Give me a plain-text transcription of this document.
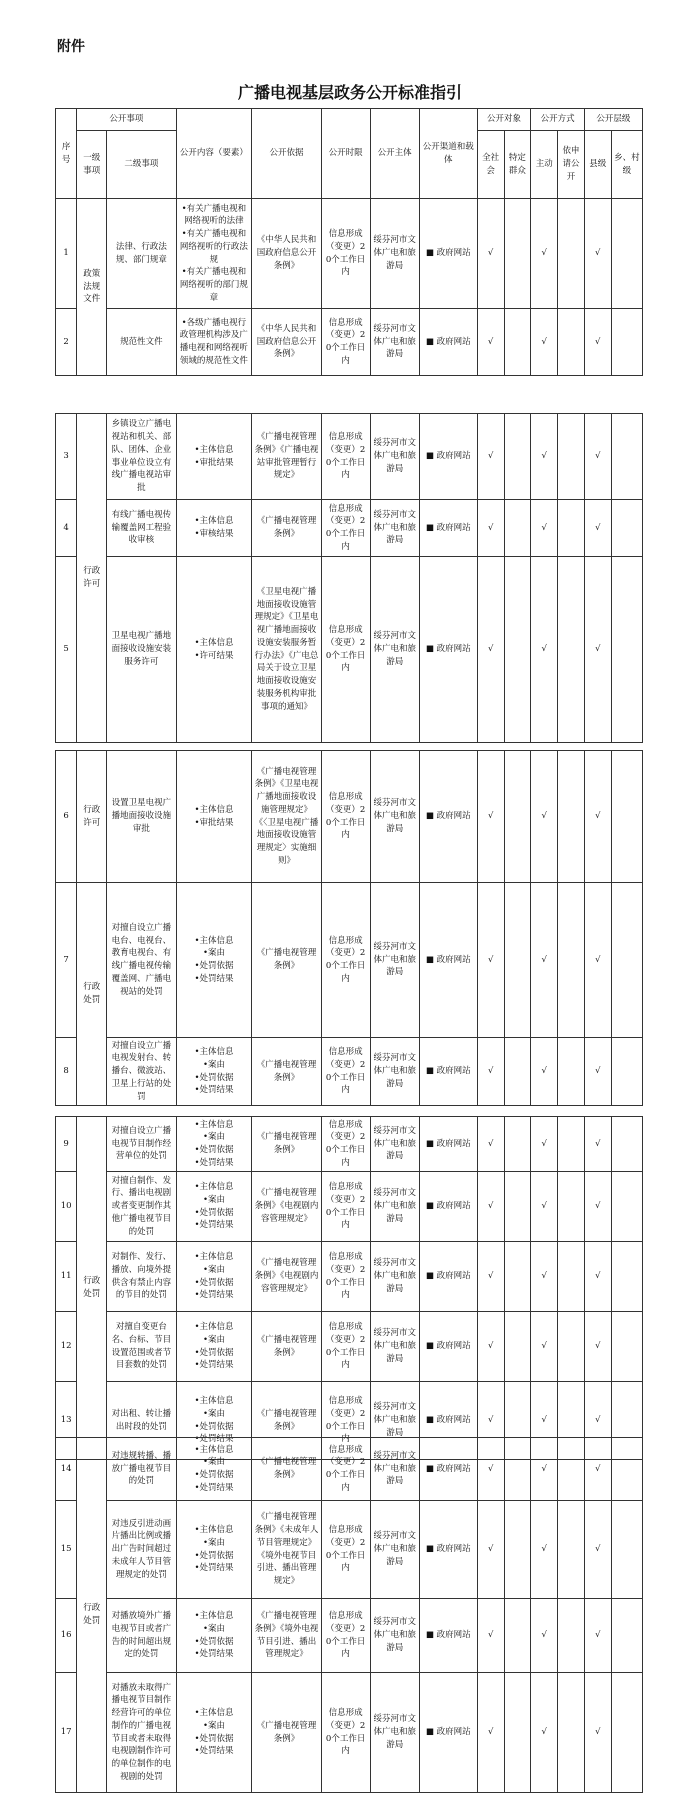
附件
广播电视基层政务公开标准指引
序号	公开事项		公开内容（要素）	公开依据	公开时限	公开主体	公开渠道和载体	公开对象		公开方式		公开层级	
	一级事项	二级事项						全社会	特定群众	主动	依申请公开	县级	乡、村级
1	政策法规文件	法律、行政法规、部门规章	•有关广播电视和网络视听的法律
•有关广播电视和网络视听的行政法规
•有关广播电视和网络视听的部门规章	《中华人民共和国政府信息公开条例》	信息形成（变更）20个工作日内	绥芬河市文体广电和旅游局	■ 政府网站	√		√		√	
2		规范性文件	•各级广播电视行政管理机构涉及广播电视和网络视听领域的规范性文件	《中华人民共和国政府信息公开条例》	信息形成（变更）20个工作日内	绥芬河市文体广电和旅游局	■ 政府网站	√		√		√	
3	行政许可	乡镇设立广播电视站和机关、部队、团体、企业事业单位设立有线广播电视站审批	•主体信息
•审批结果	《广播电视管理条例》《广播电视站审批管理暂行规定》	信息形成（变更）20个工作日内	绥芬河市文体广电和旅游局	■ 政府网站	√		√		√	
4		有线广播电视传输覆盖网工程验收审核	•主体信息
•审核结果	《广播电视管理条例》	信息形成（变更）20个工作日内	绥芬河市文体广电和旅游局	■ 政府网站	√		√		√	
5		卫星电视广播地面接收设施安装服务许可	•主体信息
•许可结果	《卫星电视广播地面接收设施管理规定》《卫星电视广播地面接收设施安装服务暂行办法》《广电总局关于设立卫星地面接收设施安装服务机构审批事项的通知》	信息形成（变更）20个工作日内	绥芬河市文体广电和旅游局	■ 政府网站	√		√		√	
6	行政许可	设置卫星电视广播地面接收设施审批	•主体信息
•审批结果	《广播电视管理条例》《卫星电视广播地面接收设施管理规定》《〈卫星电视广播地面接收设施管理规定〉实施细则》	信息形成（变更）20个工作日内	绥芬河市文体广电和旅游局	■ 政府网站	√		√		√	
7	行政处罚	对擅自设立广播电台、电视台、教育电视台、有线广播电视传输覆盖网、广播电视站的处罚	•主体信息
•案由
•处罚依据
•处罚结果	《广播电视管理条例》	信息形成（变更）20个工作日内	绥芬河市文体广电和旅游局	■ 政府网站	√		√		√	
8		对擅自设立广播电视发射台、转播台、微波站、卫星上行站的处罚	•主体信息
•案由
•处罚依据
•处罚结果	《广播电视管理条例》	信息形成（变更）20个工作日内	绥芬河市文体广电和旅游局	■ 政府网站	√		√		√	
9	行政处罚	对擅自设立广播电视节目制作经营单位的处罚	•主体信息
•案由
•处罚依据
•处罚结果	《广播电视管理条例》	信息形成（变更）20个工作日内	绥芬河市文体广电和旅游局	■ 政府网站	√		√		√	
10		对擅自制作、发行、播出电视剧或者变更制作其他广播电视节目的处罚	•主体信息
•案由
•处罚依据
•处罚结果	《广播电视管理条例》《电视剧内容管理规定》	信息形成（变更）20个工作日内	绥芬河市文体广电和旅游局	■ 政府网站	√		√		√	
11		对制作、发行、播放、向境外提供含有禁止内容的节目的处罚	•主体信息
•案由
•处罚依据
•处罚结果	《广播电视管理条例》《电视剧内容管理规定》	信息形成（变更）20个工作日内	绥芬河市文体广电和旅游局	■ 政府网站	√		√		√	
12		对擅自变更台名、台标、节目设置范围或者节目套数的处罚	•主体信息
•案由
•处罚依据
•处罚结果	《广播电视管理条例》	信息形成（变更）20个工作日内	绥芬河市文体广电和旅游局	■ 政府网站	√		√		√	
13		对出租、转让播出时段的处罚	•主体信息
•案由
•处罚依据
•处罚结果	《广播电视管理条例》	信息形成（变更）20个工作日内	绥芬河市文体广电和旅游局	■ 政府网站	√		√		√	
14	行政处罚	对违规转播、播放广播电视节目的处罚	•主体信息
•案由
•处罚依据
•处罚结果	《广播电视管理条例》	信息形成（变更）20个工作日内	绥芬河市文体广电和旅游局	■ 政府网站	√		√		√	
15		对违反引进动画片播出比例或播出广告时间超过未成年人节目管理规定的处罚	•主体信息
•案由
•处罚依据
•处罚结果	《广播电视管理条例》《未成年人节目管理规定》《境外电视节目引进、播出管理规定》	信息形成（变更）20个工作日内	绥芬河市文体广电和旅游局	■ 政府网站	√		√		√	
16		对播放境外广播电视节目或者广告的时间超出规定的处罚	•主体信息
•案由
•处罚依据
•处罚结果	《广播电视管理条例》《境外电视节目引进、播出管理规定》	信息形成（变更）20个工作日内	绥芬河市文体广电和旅游局	■ 政府网站	√		√		√	
17		对播放未取得广播电视节目制作经营许可的单位制作的广播电视节目或者未取得电视剧制作许可的单位制作的电视剧的处罚	•主体信息
•案由
•处罚依据
•处罚结果	《广播电视管理条例》	信息形成（变更）20个工作日内	绥芬河市文体广电和旅游局	■ 政府网站	√		√		√	
